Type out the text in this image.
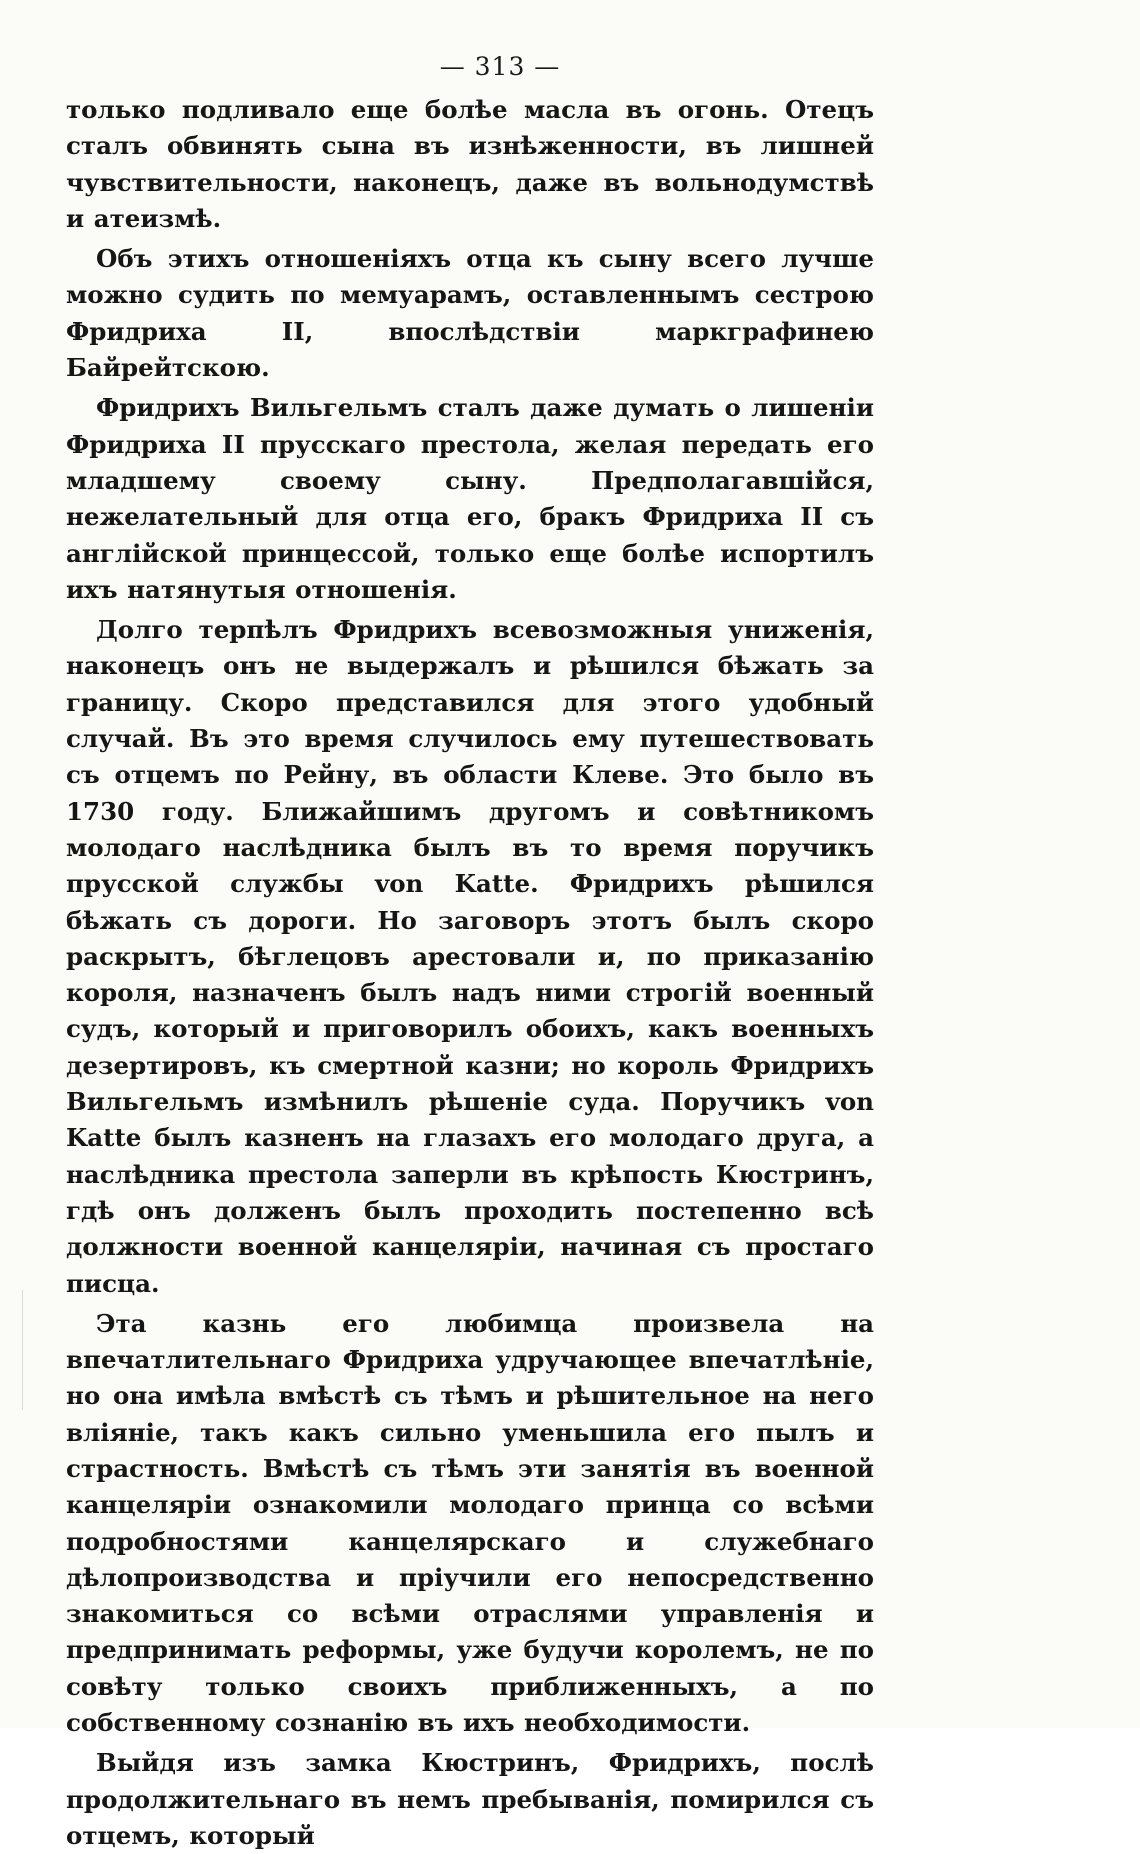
— 313 —

только подливало еще болѣе масла въ огонь. Отецъ сталъ обвинять сына въ изнѣженности, въ лишней чувствительности, наконецъ, даже въ вольнодумствѣ и атеизмѣ.

Объ этихъ отношеніяхъ отца къ сыну всего лучше можно судить по мемуарамъ, оставленнымъ сестрою Фридриха II, впослѣдствіи маркграфинею Байрейтскою.

Фридрихъ Вильгельмъ сталъ даже думать о лишеніи Фридриха II прусскаго престола, желая передать его младшему своему сыну. Предполагавшійся, нежелательный для отца его, бракъ Фридриха II съ англійской принцессой, только еще болѣе испортилъ ихъ натянутыя отношенія.

Долго терпѣлъ Фридрихъ всевозможныя униженія, наконецъ онъ не выдержалъ и рѣшился бѣжать за границу. Скоро представился для этого удобный случай. Въ это время случилось ему путешествовать съ отцемъ по Рейну, въ области Клеве. Это было въ 1730 году. Ближайшимъ другомъ и совѣтникомъ молодаго наслѣдника былъ въ то время поручикъ прусской службы von Katte. Фридрихъ рѣшился бѣжать съ дороги. Но заговоръ этотъ былъ скоро раскрытъ, бѣглецовъ арестовали и, по приказанію короля, назначенъ былъ надъ ними строгій военный судъ, который и приговорилъ обоихъ, какъ военныхъ дезертировъ, къ смертной казни; но король Фридрихъ Вильгельмъ измѣнилъ рѣшеніе суда. Поручикъ von Katte былъ казненъ на глазахъ его молодаго друга, а наслѣдника престола заперли въ крѣпость Кюстринъ, гдѣ онъ долженъ былъ проходить постепенно всѣ должности военной канцеляріи, начиная съ простаго писца.

Эта казнь его любимца произвела на впечатлительнаго Фридриха удручающее впечатлѣніе, но она имѣла вмѣстѣ съ тѣмъ и рѣшительное на него вліяніе, такъ какъ сильно уменьшила его пылъ и страстность. Вмѣстѣ съ тѣмъ эти занятія въ военной канцеляріи ознакомили молодаго принца со всѣми подробностями канцелярскаго и служебнаго дѣлопроизводства и пріучили его непосредственно знакомиться со всѣми отраслями управленія и предпринимать реформы, уже будучи королемъ, не по совѣту только своихъ приближенныхъ, а по собственному сознанію въ ихъ необходимости.

Выйдя изъ замка Кюстринъ, Фридрихъ, послѣ продолжительнаго въ немъ пребыванія, помирился съ отцемъ, который
